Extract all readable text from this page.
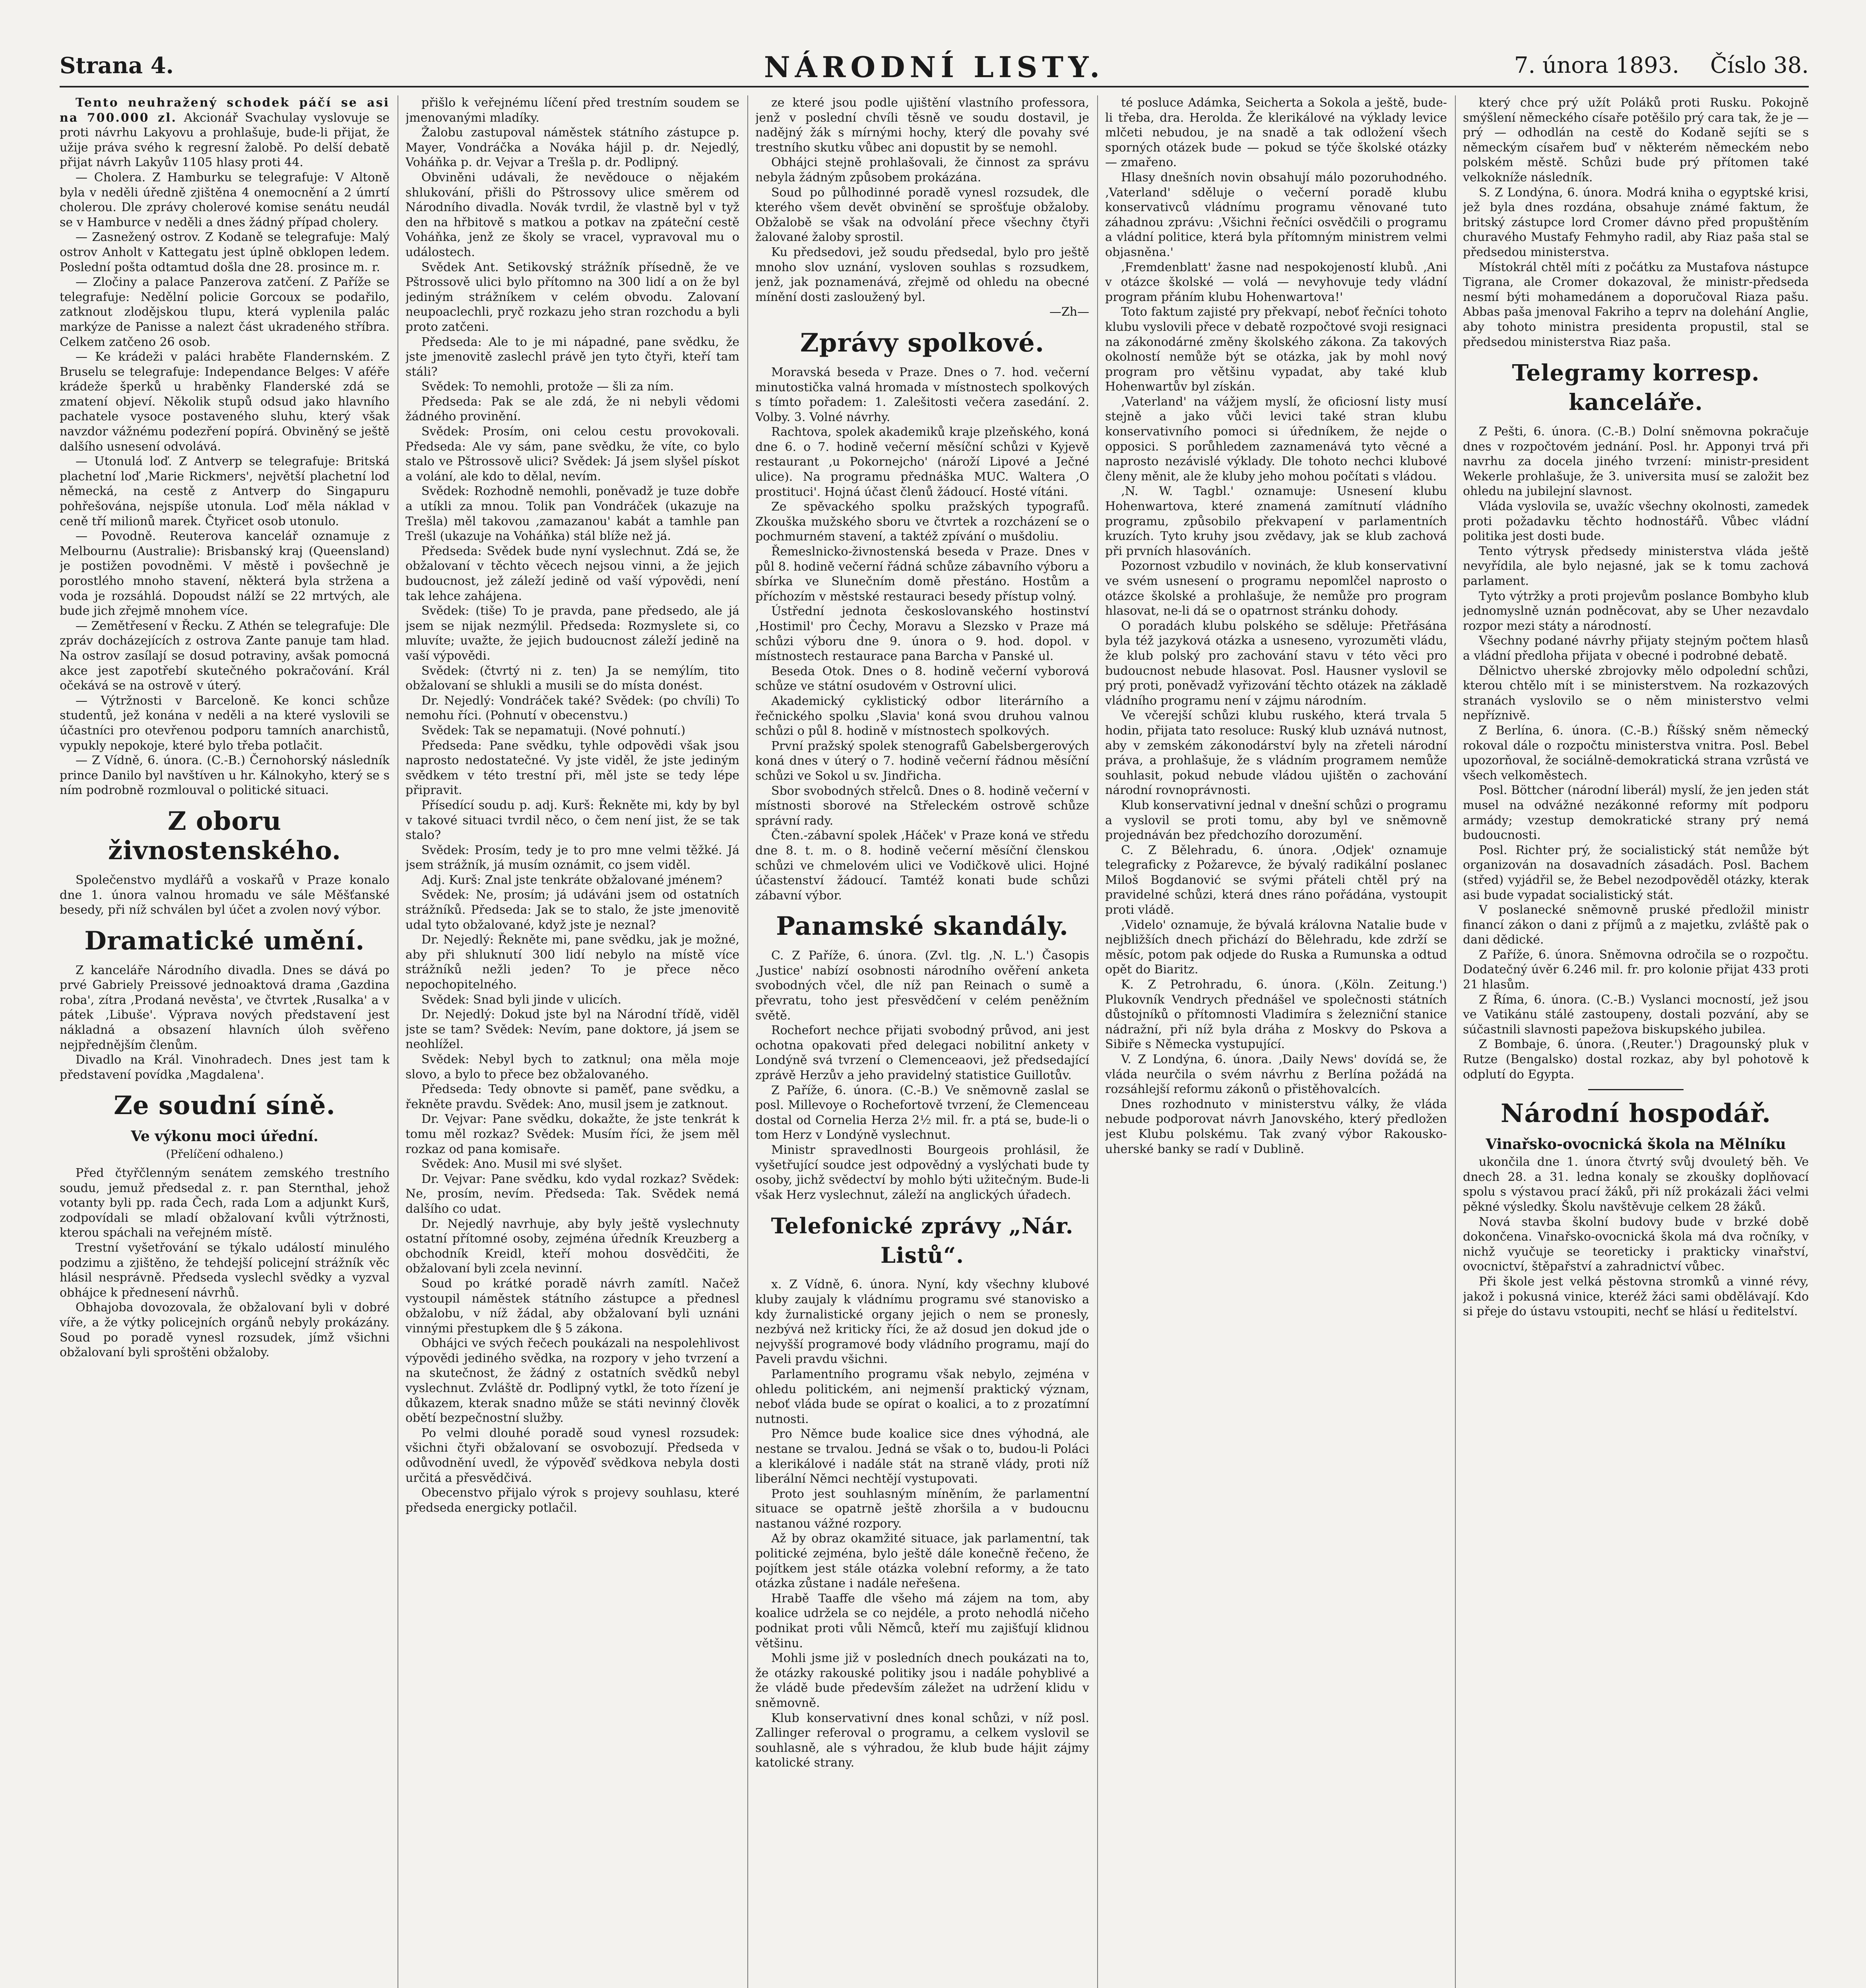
Strana 4.	NÁRODNÍ LISTY.	7. února 1893. Číslo 38.

Tento neuhražený schodek páčí se asi na 700.000 zl. Akcionář Svachulay vyslovuje se proti návrhu Lakyovu a prohlašuje, bude-li přijat, že užije práva svého k regresní žalobě. Po delší debatě přijat návrh Lakyův 1105 hlasy proti 44.

— Cholera. Z Hamburku se telegrafuje: V Altoně byla v neděli úředně zjištěna 4 onemocnění a 2 úmrtí cholerou. Dle zprávy cholerové komise senátu neudál se v Hamburce v neděli a dnes žádný případ cholery.

— Zasnežený ostrov. Z Kodaně se telegrafuje: Malý ostrov Anholt v Kattegatu jest úplně obklopen ledem. Poslední pošta odtamtud došla dne 28. prosince m. r.

— Zločiny a palace Panzerova zatčení. Z Paříže se telegrafuje: Nedělní policie Gorcoux se podařilo, zatknout zlodějskou tlupu, která vyplenila palác markýze de Panisse a nalezt část ukradeného stříbra. Celkem zatčeno 26 osob.

— Ke krádeži v paláci hraběte Flandernském. Z Bruselu se telegrafuje: Independance Belges: V aféře krádeže šperků u hraběnky Flanderské zdá se zmatení objeví. Několik stupů odsud jako hlavního pachatele vysoce postaveného sluhu, který však navzdor vážnému podezření popírá. Obviněný se ještě dalšího usnesení odvolává.

— Utonulá loď. Z Antverp se telegrafuje: Britská plachetní loď ‚Marie Rickmers', největší plachetní loď německá, na cestě z Antverp do Singapuru pohřešována, nejspíše utonula. Loď měla náklad v ceně tří milionů marek. Čtyřicet osob utonulo.

— Povodně. Reuterova kancelář oznamuje z Melbournu (Australie): Brisbanský kraj (Queensland) je postižen povodněmi. V městě i povšechně je porostlého mnoho stavení, některá byla stržena a voda je rozsáhlá. Dopoudst nálží se 22 mrtvých, ale bude jich zřejmě mnohem více.

— Zemětřesení v Řecku. Z Athén se telegrafuje: Dle zpráv docházejících z ostrova Zante panuje tam hlad. Na ostrov zasílají se dosud potraviny, avšak pomocná akce jest zapotřebí skutečného pokračování. Král očekává se na ostrově v úterý.

— Výtržnosti v Barceloně. Ke konci schůze studentů, jež konána v neděli a na které vyslovili se účastníci pro otevřenou podporu tamních anarchistů, vypukly nepokoje, které bylo třeba potlačit.

— Z Vídně, 6. února. (C.-B.) Černohorský následník prince Danilo byl navštíven u hr. Kálnokyho, který se s ním podrobně rozmlouval o politické situaci.

Z oboru živnostenského.

Společenstvo mydlářů a voskařů v Praze konalo dne 1. února valnou hromadu ve sále Měšťanské besedy, při níž schválen byl účet a zvolen nový výbor.

Dramatické umění.

Z kanceláře Národního divadla. Dnes se dává po prvé Gabriely Preissové jednoaktová drama ‚Gazdina roba', zítra ‚Prodaná nevěsta', ve čtvrtek ‚Rusalka' a v pátek ‚Libuše'. Výprava nových představení jest nákladná a obsazení hlavních úloh svěřeno nejpřednějším členům.

Divadlo na Král. Vinohradech. Dnes jest tam k představení povídka ‚Magdalena'.

Ze soudní síně.
Ve výkonu moci úřední.
(Přelíčení odhaleno.)

Před čtyřčlenným senátem zemského trestního soudu, jemuž předsedal z. r. pan Sternthal, jehož votanty byli pp. rada Čech, rada Lom a adjunkt Kurš, zodpovídali se mladí obžalovaní kvůli výtržnosti, kterou spáchali na veřejném místě.

Trestní vyšetřování se týkalo událostí minulého podzimu a zjištěno, že tehdejší policejní strážník věc hlásil nesprávně. Předseda vyslechl svědky a vyzval obhájce k přednesení návrhů.

Obhajoba dovozovala, že obžalovaní byli v dobré víře, a že výtky policejních orgánů nebyly prokázány. Soud po poradě vynesl rozsudek, jímž všichni obžalovaní byli sproštěni obžaloby.

přišlo k veřejnému líčení před trestním soudem se jmenovanými mladíky.

Žalobu zastupoval náměstek státního zástupce p. Mayer, Vondráčka a Nováka hájil p. dr. Nejedlý, Voháňka p. dr. Vejvar a Trešla p. dr. Podlipný.

Obviněni udávali, že nevědouce o nějakém shlukování, přišli do Pštrossovy ulice směrem od Národního divadla. Novák tvrdil, že vlastně byl v tyž den na hřbitově s matkou a potkav na zpáteční cestě Voháňka, jenž ze školy se vracel, vypravoval mu o událostech.

Svědek Ant. Setikovský strážník přísedně, že ve Pštrossově ulici bylo přítomno na 300 lidí a on že byl jediným strážníkem v celém obvodu. Zalovaní neupoaclechli, pryč rozkazu jeho stran rozchodu a byli proto zatčeni.

Předseda: Ale to je mi nápadné, pane svědku, že jste jmenovitě zaslechl právě jen tyto čtyři, kteří tam stáli?

Svědek: To nemohli, protože — šli za ním.

Předseda: Pak se ale zdá, že ni nebyli vědomi žádného provinění.

Svědek: Prosím, oni celou cestu provokovali. Předseda: Ale vy sám, pane svědku, že víte, co bylo stalo ve Pštrossově ulici? Svědek: Já jsem slyšel pískot a volání, ale kdo to dělal, nevím.

Svědek: Rozhodně nemohli, poněvadž je tuze dobře a utíkli za mnou. Tolik pan Vondráček (ukazuje na Trešla) měl takovou ‚zamazanou' kabát a tamhle pan Trešl (ukazuje na Voháňka) stál blíže než já.

Předseda: Svědek bude nyní vyslechnut. Zdá se, že obžalovaní v těchto věcech nejsou vinni, a že jejich budoucnost, jež záleží jedině od vaší výpovědi, není tak lehce zahájena.

Svědek: (tiše) To je pravda, pane předsedo, ale já jsem se nijak nezmýlil. Předseda: Rozmyslete si, co mluvíte; uvažte, že jejich budoucnost záleží jedině na vaší výpovědi.

Svědek: (čtvrtý ni z. ten) Ja se nemýlím, tito obžalovaní se shlukli a musili se do místa donést.

Dr. Nejedlý: Vondráček také? Svědek: (po chvíli) To nemohu říci. (Pohnutí v obecenstvu.)

Svědek: Tak se nepamatuji. (Nové pohnutí.)

Předseda: Pane svědku, tyhle odpovědi však jsou naprosto nedostatečné. Vy jste viděl, že jste jediným svědkem v této trestní při, měl jste se tedy lépe připravit.

Přísedící soudu p. adj. Kurš: Řekněte mi, kdy by byl v takové situaci tvrdil něco, o čem není jist, že se tak stalo?

Svědek: Prosím, tedy je to pro mne velmi těžké. Já jsem strážník, já musím oznámit, co jsem viděl.

Adj. Kurš: Znal jste tenkráte obžalované jménem?

Svědek: Ne, prosím; já udáváni jsem od ostatních strážníků. Předseda: Jak se to stalo, že jste jmenovitě udal tyto obžalované, když jste je neznal?

Dr. Nejedlý: Řekněte mi, pane svědku, jak je možné, aby při shluknutí 300 lidí nebylo na místě více strážníků nežli jeden? To je přece něco nepochopitelného.

Svědek: Snad byli jinde v ulicích.

Dr. Nejedlý: Dokud jste byl na Národní třídě, viděl jste se tam? Svědek: Nevím, pane doktore, já jsem se neohlížel.

Svědek: Nebyl bych to zatknul; ona měla moje slovo, a bylo to přece bez obžalovaného.

Předseda: Tedy obnovte si paměť, pane svědku, a řekněte pravdu. Svědek: Ano, musil jsem je zatknout.

Dr. Vejvar: Pane svědku, dokažte, že jste tenkrát k tomu měl rozkaz? Svědek: Musím říci, že jsem měl rozkaz od pana komisaře.

Svědek: Ano. Musil mi své slyšet.

Dr. Vejvar: Pane svědku, kdo vydal rozkaz? Svědek: Ne, prosím, nevím. Předseda: Tak. Svědek nemá dalšího co udat.

Dr. Nejedlý navrhuje, aby byly ještě vyslechnuty ostatní přítomné osoby, zejména úředník Kreuzberg a obchodník Kreidl, kteří mohou dosvědčiti, že obžalovaní byli zcela nevinní.

Soud po krátké poradě návrh zamítl. Načež vystoupil náměstek státního zástupce a přednesl obžalobu, v níž žádal, aby obžalovaní byli uznáni vinnými přestupkem dle § 5 zákona.

Obhájci ve svých řečech poukázali na nespolehlivost výpovědi jediného svědka, na rozpory v jeho tvrzení a na skutečnost, že žádný z ostatních svědků nebyl vyslechnut. Zvláště dr. Podlipný vytkl, že toto řízení je důkazem, kterak snadno může se státi nevinný člověk obětí bezpečnostní služby.

Po velmi dlouhé poradě soud vynesl rozsudek: všichni čtyři obžalovaní se osvobozují. Předseda v odůvodnění uvedl, že výpověď svědkova nebyla dosti určitá a přesvědčivá.

Obecenstvo přijalo výrok s projevy souhlasu, které předseda energicky potlačil.

ze které jsou podle ujištění vlastního professora, jenž v poslední chvíli těsně ve soudu dostavil, je nadějný žák s mírnými hochy, který dle povahy své trestního skutku vůbec ani dopustit by se nemohl.

Obhájci stejně prohlašovali, že činnost za správu nebyla žádným způsobem prokázána.

Soud po půlhodinné poradě vynesl rozsudek, dle kterého všem devět obvinění se sprošťuje obžaloby. Obžalobě se však na odvolání přece všechny čtyři žalované žaloby sprostil.

Ku předsedovi, jež soudu předsedal, bylo pro ještě mnoho slov uznání, vysloven souhlas s rozsudkem, jenž, jak poznamenává, zřejmě od ohledu na obecné mínění dosti zasloužený byl.

—Zh—
Zprávy spolkové.

Moravská beseda v Praze. Dnes o 7. hod. večerní minutostička valná hromada v místnostech spolkových s tímto pořadem: 1. Zalešitosti večera zasedání. 2. Volby. 3. Volné návrhy.

Rachtova, spolek akademiků kraje plzeňského, koná dne 6. o 7. hodině večerní měsíční schůzi v Kyjevě restaurant ‚u Pokornejcho' (nároží Lipové a Ječné ulice). Na programu přednáška MUC. Waltera ‚O prostituci'. Hojná účast členů žádoucí. Hosté vítáni.

Ze spěvackého spolku pražských typografů. Zkouška mužského sboru ve čtvrtek a rozcházení se o pochmurném stavení, a taktéž zpívání o mušdoliu.

Řemeslnicko-živnostenská beseda v Praze. Dnes v půl 8. hodině večerní řádná schůze zábavního výboru a sbírka ve Slunečním domě přestáno. Hostům a příchozím v městské restauraci besedy přístup volný.

Ústřední jednota českoslovanského hostinství ‚Hostimil' pro Čechy, Moravu a Slezsko v Praze má schůzi výboru dne 9. února o 9. hod. dopol. v místnostech restaurace pana Barcha v Panské ul.

Beseda Otok. Dnes o 8. hodině večerní vyborová schůze ve státní osudovém v Ostrovní ulici.

Akademický cyklistický odbor literárního a řečnického spolku ‚Slavia' koná svou druhou valnou schůzi o půl 8. hodině v místnostech spolkových.

První pražský spolek stenografů Gabelsbergerových koná dnes v úterý o 7. hodině večerní řádnou měsíční schůzi ve Sokol u sv. Jindřicha.

Sbor svobodných střelců. Dnes o 8. hodině večerní v místnosti sborové na Střeleckém ostrově schůze správní rady.

Čten.-zábavní spolek ‚Háček' v Praze koná ve středu dne 8. t. m. o 8. hodině večerní měsíční členskou schůzi ve chmelovém ulici ve Vodičkově ulici. Hojné účastenství žádoucí. Tamtéž konati bude schůzi zábavní výbor.

Panamské skandály.

C. Z Paříže, 6. února. (Zvl. tlg. ‚N. L.') Časopis ‚Justice' nabízí osobnosti národního ověření anketa svobodných včel, dle níž pan Reinach o sumě a převratu, toho jest přesvědčení v celém peněžním světě.

Rochefort nechce přijati svobodný průvod, ani jest ochotna opakovati před delegaci nobilitní ankety v Londýně svá tvrzení o Clemenceaovi, jež předsedající zprávě Herzův a jeho pravidelný statistice Guillotův.

Z Paříže, 6. února. (C.-B.) Ve sněmovně zaslal se posl. Millevoye o Rochefortově tvrzení, že Clemenceau dostal od Cornelia Herza 2½ mil. fr. a ptá se, bude-li o tom Herz v Londýně vyslechnut.

Ministr spravedlnosti Bourgeois prohlásil, že vyšetřující soudce jest odpovědný a vyslýchati bude ty osoby, jichž svědectví by mohlo býti užitečným. Bude-li však Herz vyslechnut, záleží na anglických úřadech.

Telefonické zprávy „Nár. Listů“.

x. Z Vídně, 6. února. Nyní, kdy všechny klubové kluby zaujaly k vládnímu programu své stanovisko a kdy žurnalistické organy jejich o nem se pronesly, nezbývá než kriticky říci, že až dosud jen dokud jde o nejvyšší programové body vládního programu, mají do Paveli pravdu všichni.

Parlamentního programu však nebylo, zejména v ohledu politickém, ani nejmenší praktický význam, neboť vláda bude se opírat o koalici, a to z prozatímní nutnosti.

Pro Němce bude koalice sice dnes výhodná, ale nestane se trvalou. Jedná se však o to, budou-li Poláci a klerikálové i nadále stát na straně vlády, proti níž liberální Němci nechtějí vystupovati.

Proto jest souhlasným míněním, že parlamentní situace se opatrně ještě zhoršila a v budoucnu nastanou vážné rozpory.

Až by obraz okamžité situace, jak parlamentní, tak politické zejména, bylo ještě dále konečně řečeno, že pojítkem jest stále otázka volební reformy, a že tato otázka zůstane i nadále neřešena.

Hrabě Taaffe dle všeho má zájem na tom, aby koalice udržela se co nejdéle, a proto nehodlá ničeho podnikat proti vůli Němců, kteří mu zajišťují klidnou většinu.

Mohli jsme již v posledních dnech poukázati na to, že otázky rakouské politiky jsou i nadále pohyblivé a že vládě bude především záležet na udržení klidu v sněmovně.

Klub konservativní dnes konal schůzi, v níž posl. Zallinger referoval o programu, a celkem vyslovil se souhlasně, ale s výhradou, že klub bude hájit zájmy katolické strany.

té posluce Adámka, Seicherta a Sokola a ještě, bude-li třeba, dra. Herolda. Že klerikálové na výklady levice mlčeti nebudou, je na snadě a tak odložení všech sporných otázek bude — pokud se týče školské otázky — zmařeno.

Hlasy dnešních novin obsahují málo pozoruhodného. ‚Vaterland' sděluje o večerní poradě klubu konservativců vládnímu programu věnované tuto záhadnou zprávu: ‚Všichni řečníci osvědčili o programu a vládní politice, která byla přítomným ministrem velmi objasněna.'

‚Fremdenblatt' žasne nad nespokojeností klubů. ‚Ani v otázce školské — volá — nevyhovuje tedy vládní program přáním klubu Hohenwartova!'

Toto faktum zajisté pry překvapí, neboť řečníci tohoto klubu vyslovili přece v debatě rozpočtové svoji resignaci na zákonodárné změny školského zákona. Za takových okolností nemůže být se otázka, jak by mohl nový program pro většinu vypadat, aby také klub Hohenwartův byl získán.

‚Vaterland' na vážjem myslí, že oficiosní listy musí stejně a jako vůči levici také stran klubu konservativního pomoci si úředníkem, že nejde o opposici. S porůhledem zaznamenává tyto věcné a naprosto nezávislé výklady. Dle tohoto nechci klubové členy měnit, ale že kluby jeho mohou počítati s vládou.

‚N. W. Tagbl.' oznamuje: Usnesení klubu Hohenwartova, které znamená zamítnutí vládního programu, způsobilo překvapení v parlamentních kruzích. Tyto kruhy jsou zvědavy, jak se klub zachová při prvních hlasováních.

Pozornost vzbudilo v novinách, že klub konservativní ve svém usnesení o programu nepomlčel naprosto o otázce školské a prohlašuje, že nemůže pro program hlasovat, ne-li dá se o opatrnost stránku dohody.

O poradách klubu polského se sděluje: Přetřásána byla též jazyková otázka a usneseno, vyrozuměti vládu, že klub polský pro zachování stavu v této věci pro budoucnost nebude hlasovat. Posl. Hausner vyslovil se prý proti, poněvadž vyřizování těchto otázek na základě vládního programu není v zájmu národním.

Ve včerejší schůzi klubu ruského, která trvala 5 hodin, přijata tato resoluce: Ruský klub uznává nutnost, aby v zemském zákonodárství byly na zřeteli národní práva, a prohlašuje, že s vládním programem nemůže souhlasit, pokud nebude vládou ujištěn o zachování národní rovnoprávnosti.

Klub konservativní jednal v dnešní schůzi o programu a vyslovil se proti tomu, aby byl ve sněmovně projednáván bez předchozího dorozumění.

C. Z Bělehradu, 6. února. ‚Odjek' oznamuje telegraficky z Požarevce, že bývalý radikální poslanec Miloš Bogdanović se svými přáteli chtěl prý na pravidelné schůzi, která dnes ráno pořádána, vystoupit proti vládě.

‚Videlo' oznamuje, že bývalá královna Natalie bude v nejbližších dnech přichází do Bělehradu, kde zdrží se měsíc, potom pak odjede do Ruska a Rumunska a odtud opět do Biaritz.

K. Z Petrohradu, 6. února. (‚Köln. Zeitung.') Plukovník Vendrych přednášel ve společnosti státních důstojníků o přítomnosti Vladimíra s železniční stanice nádražní, při níž byla dráha z Moskvy do Pskova a Sibiře s Německa vystupující.

V. Z Londýna, 6. února. ‚Daily News' dovídá se, že vláda neurčila o svém návrhu z Berlína požádá na rozsáhlejší reformu zákonů o přistěhovalcích.

Dnes rozhodnuto v ministerstvu války, že vláda nebude podporovat návrh Janovského, který předložen jest Klubu polskému. Tak zvaný výbor Rakousko-uherské banky se radí v Dublině.

který chce prý užít Poláků proti Rusku. Pokojně smýšlení německého císaře potěšilo prý cara tak, že je — prý — odhodlán na cestě do Kodaně sejíti se s německým císařem buď v některém německém nebo polském městě. Schůzi bude prý přítomen také velkokníže následník.

S. Z Londýna, 6. února. Modrá kniha o egyptské krisi, jež byla dnes rozdána, obsahuje známé faktum, že britský zástupce lord Cromer dávno před propuštěním churavého Mustafy Fehmyho radil, aby Riaz paša stal se předsedou ministerstva.

Místokrál chtěl míti z počátku za Mustafova nástupce Tigrana, ale Cromer dokazoval, že ministr-předseda nesmí býti mohamedánem a doporučoval Riaza pašu. Abbas paša jmenoval Fakriho a teprv na dolehání Anglie, aby tohoto ministra presidenta propustil, stal se předsedou ministerstva Riaz paša.

Telegramy korresp. kanceláře.

Z Pešti, 6. února. (C.-B.) Dolní sněmovna pokračuje dnes v rozpočtovém jednání. Posl. hr. Apponyi trvá při navrhu za docela jiného tvrzení: ministr-president Wekerle prohlašuje, že 3. universita musí se založit bez ohledu na jubilejní slavnost.

Vláda vyslovila se, uvažíc všechny okolnosti, zamedek proti požadavku těchto hodnostářů. Vůbec vládní politika jest dosti bude.

Tento výtrysk předsedy ministerstva vláda ještě nevyřídila, ale bylo nejasné, jak se k tomu zachová parlament.

Tyto výtržky a proti projevům poslance Bombyho klub jednomyslně uznán podněcovat, aby se Uher nezavdalo rozpor mezi státy a národností.

Všechny podané návrhy přijaty stejným počtem hlasů a vládní předloha přijata v obecné i podrobné debatě.

Dělnictvo uherské zbrojovky mělo odpolední schůzi, kterou chtělo mít i se ministerstvem. Na rozkazových stranách vyslovilo se o něm ministerstvo velmi nepříznivě.

Z Berlína, 6. února. (C.-B.) Říšský sněm německý rokoval dále o rozpočtu ministerstva vnitra. Posl. Bebel upozorňoval, že sociálně-demokratická strana vzrůstá ve všech velkoměstech.

Posl. Böttcher (národní liberál) myslí, že jen jeden stát musel na odvážné nezákonné reformy mít podporu armády; vzestup demokratické strany prý nemá budoucnosti.

Posl. Richter prý, že socialistický stát nemůže být organizován na dosavadních zásadách. Posl. Bachem (střed) vyjádřil se, že Bebel nezodpověděl otázky, kterak asi bude vypadat socialistický stát.

V poslanecké sněmovně pruské předložil ministr financí zákon o dani z příjmů a z majetku, zvláště pak o dani dědické.

Z Paříže, 6. února. Sněmovna odročila se o rozpočtu. Dodatečný úvěr 6.246 mil. fr. pro kolonie přijat 433 proti 21 hlasům.

Z Říma, 6. února. (C.-B.) Vyslanci mocností, jež jsou ve Vatikánu stálé zastoupeny, dostali pozvání, aby se súčastnili slavnosti papežova biskupského jubilea.

Z Bombaje, 6. února. (‚Reuter.') Dragounský pluk v Rutze (Bengalsko) dostal rozkaz, aby byl pohotově k odplutí do Egypta.

Národní hospodář.
Vinařsko-ovocnická škola na Mělníku

ukončila dne 1. února čtvrtý svůj dvouletý běh. Ve dnech 28. a 31. ledna konaly se zkoušky doplňovací spolu s výstavou prací žáků, při níž prokázali žáci velmi pěkné výsledky. Školu navštěvuje celkem 28 žáků.

Nová stavba školní budovy bude v brzké době dokončena. Vinařsko-ovocnická škola má dva ročníky, v nichž vyučuje se teoreticky i prakticky vinařství, ovocnictví, štěpařství a zahradnictví vůbec.

Při škole jest velká pěstovna stromků a vinné révy, jakož i pokusná vinice, kteréž žáci sami obdělávají. Kdo si přeje do ústavu vstoupiti, nechť se hlásí u ředitelství.
